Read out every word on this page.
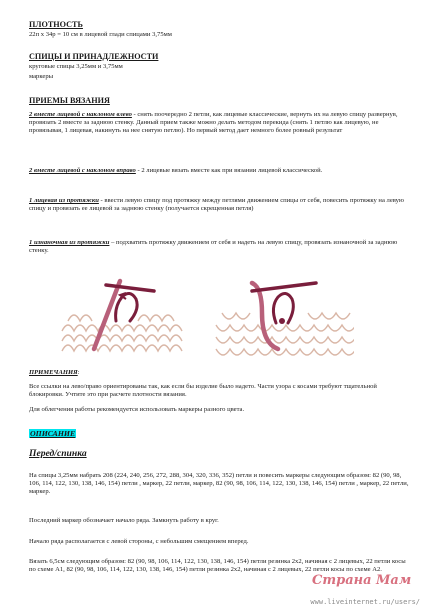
ПЛОТНОСТЬ

22п х 34р = 10 см в лицевой глади спицами 3,75мм

СПИЦЫ И ПРИНАДЛЕЖНОСТИ

круговые спицы 3,25мм и 3,75мм

маркеры

ПРИЕМЫ ВЯЗАНИЯ

2 вместе лицевой с наклоном влево - снять поочередно 2 петли, как лицевые классические, вернуть их на левую спицу развернув, провязать 2 вместе за заднюю стенку. Данный прием также можно делать методом перекида (снять 1 петлю как лицевую, не провязывая, 1 лицевая, накинуть на нее снятую петлю). Но первый метод дает немного более ровный результат

2 вместе лицевой с наклоном вправо - 2 лицевые вязать вместе как при вязании лицевой классической.

1 лицевая из протяжки - ввести левую спицу под протяжку между петлями движением спицы от себя, повесить протяжку на левую спицу и провязать ее лицевой за заднюю стенку (получается скрещенная петля)

1 изнаночная из протяжки – подхватить протяжку движением от себя и надеть на левую спицу, провязать изнаночной за заднюю стенку.

ПРИМЕЧАНИЯ:

Все ссылки на лево/право ориентированы так, как если бы изделие было надето. Части узора с косами требуют тщательной блокировки. Учтите это при расчете плотности вязания.

Для облегчения работы рекомендуется использовать маркеры разного цвета.

ОПИСАНИЕ

Перед/спинка

На спицы 3,25мм набрать 208 (224, 240, 256, 272, 288, 304, 320, 336, 352) петли и повесить маркеры следующим образом: 82 (90, 98, 106, 114, 122, 130, 138, 146, 154) петли , маркер, 22 петли, маркер, 82 (90, 98, 106, 114, 122, 130, 138, 146, 154) петли , маркер, 22 петли, маркер.

Последний маркер обозначает начало ряда. Замкнуть работу в круг.

Начало ряда располагается с левой стороны, с небольшим смещением вперед.

Вязать 6,5см следующим образом: 82 (90, 98, 106, 114, 122, 130, 138, 146, 154) петли резинка 2х2, начиная с 2 лицевых, 22 петли косы по схеме А1, 82 (90, 98, 106, 114, 122, 130, 138, 146, 154) петли резинка 2х2, начиная с 2 лицевых, 22 петли косы по схеме А2.

Страна Мам
www.liveinternet.ru/users/
